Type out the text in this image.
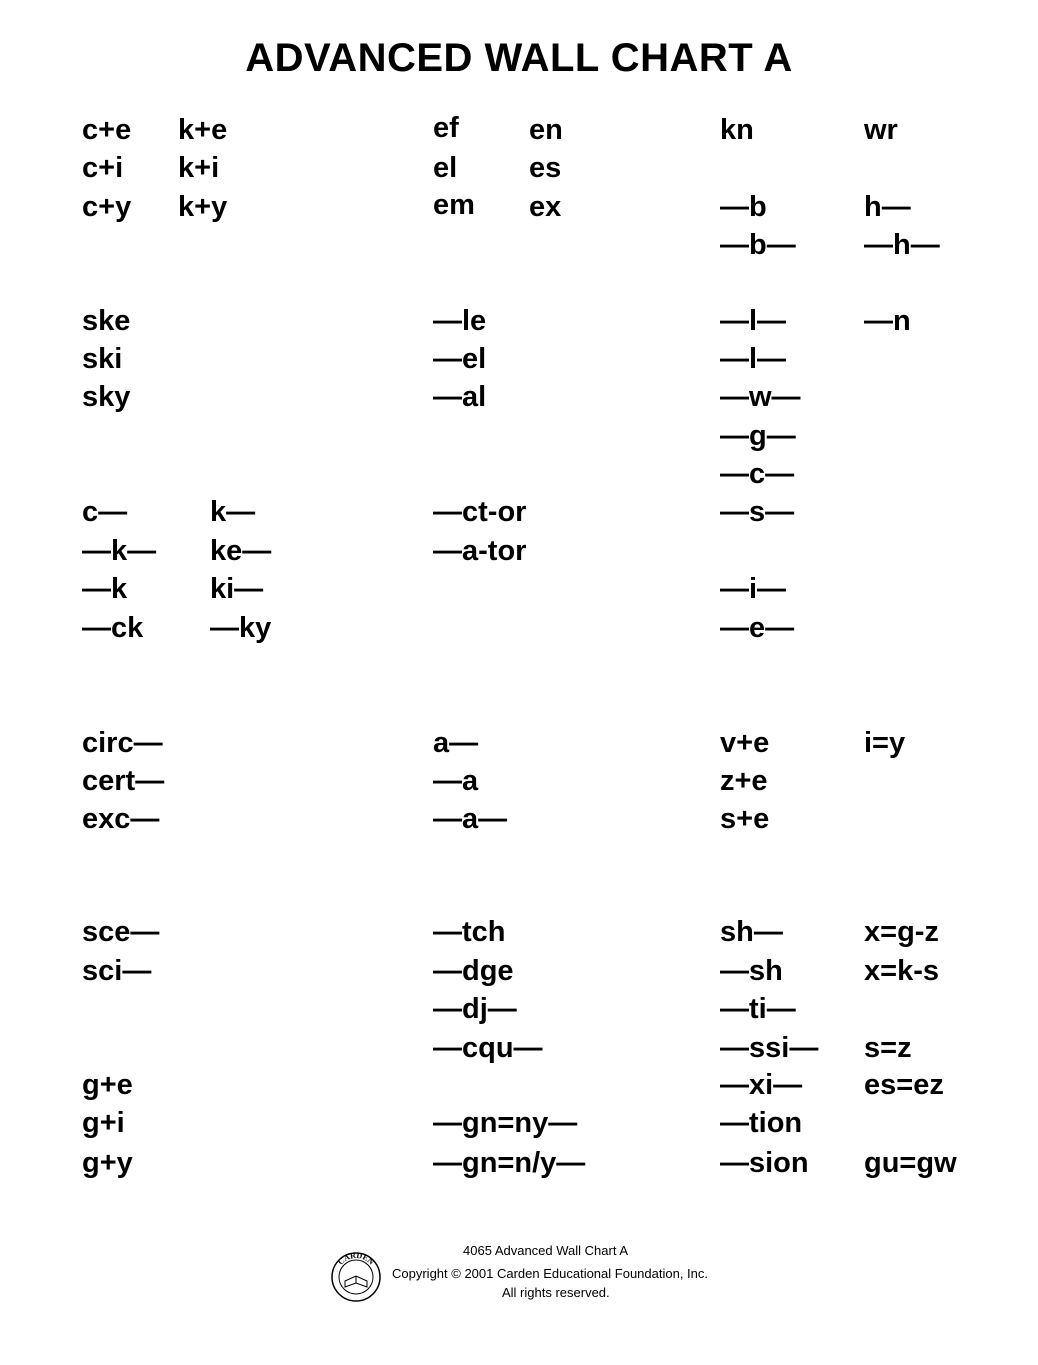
ADVANCED WALL CHART A
c+e k+e
c+i k+i
c+y k+y
ske
ski
sky
c—	k—
—k— ke—
—k	ki—
—ck —ky
circ—
cert—
exc—
sce—
sci—
g+e
g+i
g+y
ef en
el es
em ex
—le
—el
—al
—ct-or
—a-tor
a—
—a
—a—
—tch
—dge
—dj—
—cqu—
—gn=ny—
—gn=n/y—
kn	wr
—b	h—
—b— —h—
—l—	—n
—l—
—w—
—g—
—c—
—s—
—i—
—e—
v+e	i=y
z+e
s+e
sh—	x=g-z
—sh	x=k-s
—ti—
—ssi— s=z
—xi— es=ez
—tion
—sion gu=gw
CARDEN
4065 Advanced Wall Chart A
Copyright © 2001 Carden Educational Foundation, Inc.
All rights reserved.
